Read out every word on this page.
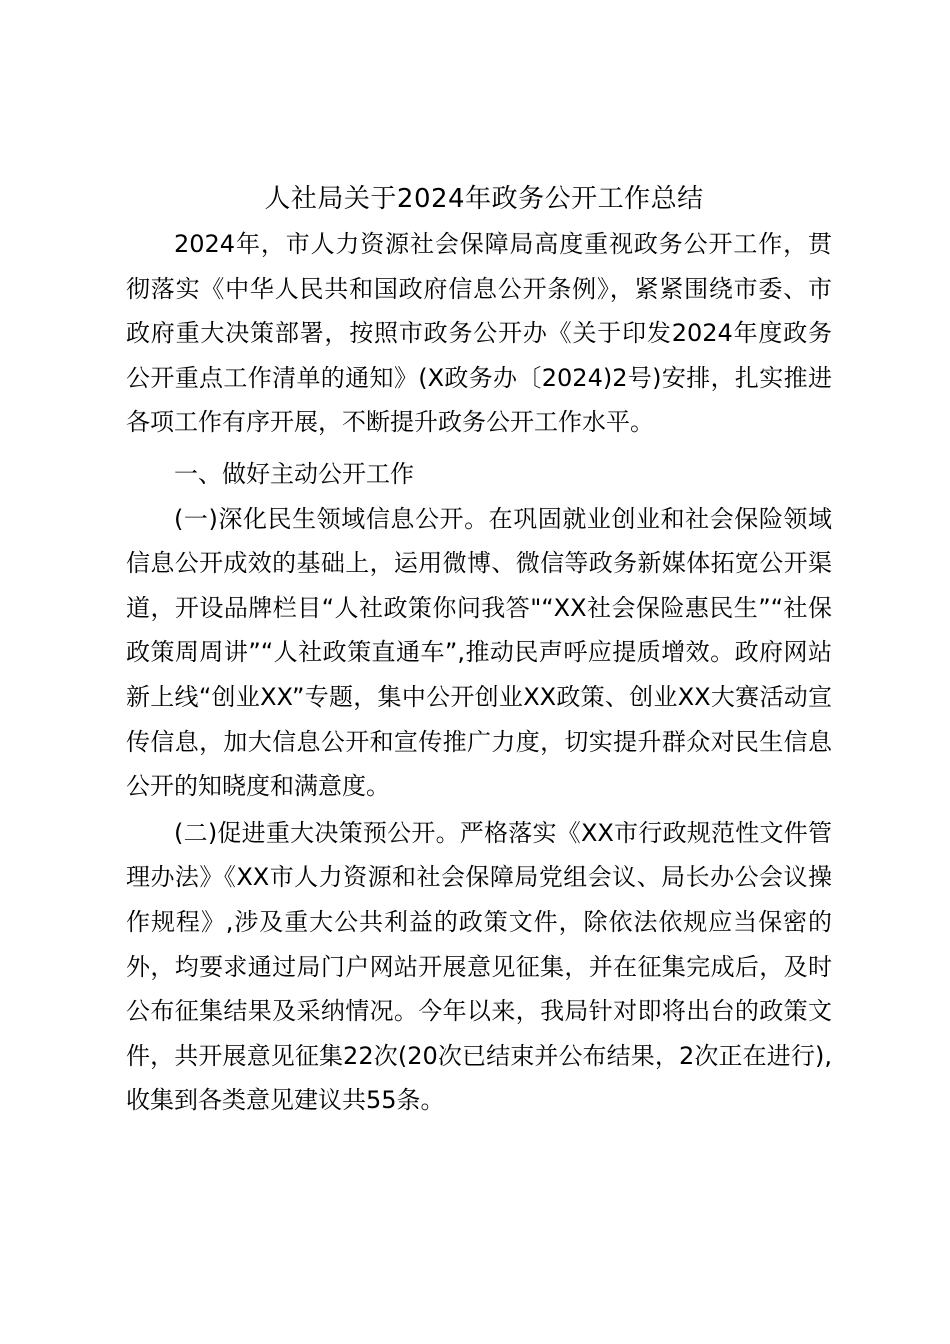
人社局关于2024年政务公开工作总结

2024年，市人力资源社会保障局高度重视政务公开工作，贯彻落实《中华人民共和国政府信息公开条例》，紧紧围绕市委、市政府重大决策部署，按照市政务公开办《关于印发2024年度政务公开重点工作清单的通知》(X政务办〔2024)2号)安排，扎实推进各项工作有序开展，不断提升政务公开工作水平。

一、做好主动公开工作

(一)深化民生领域信息公开。在巩固就业创业和社会保险领域信息公开成效的基础上，运用微博、微信等政务新媒体拓宽公开渠道，开设品牌栏目“人社政策你问我答"“XX社会保险惠民生”“社保政策周周讲”“人社政策直通车”,推动民声呼应提质增效。政府网站新上线“创业XX”专题，集中公开创业XX政策、创业XX大赛活动宣传信息，加大信息公开和宣传推广力度，切实提升群众对民生信息公开的知晓度和满意度。

(二)促进重大决策预公开。严格落实《XX市行政规范性文件管理办法》《XX市人力资源和社会保障局党组会议、局长办公会议操作规程》,涉及重大公共利益的政策文件，除依法依规应当保密的外，均要求通过局门户网站开展意见征集，并在征集完成后，及时公布征集结果及采纳情况。今年以来，我局针对即将出台的政策文件，共开展意见征集22次(20次已结束并公布结果，2次正在进行),收集到各类意见建议共55条。
